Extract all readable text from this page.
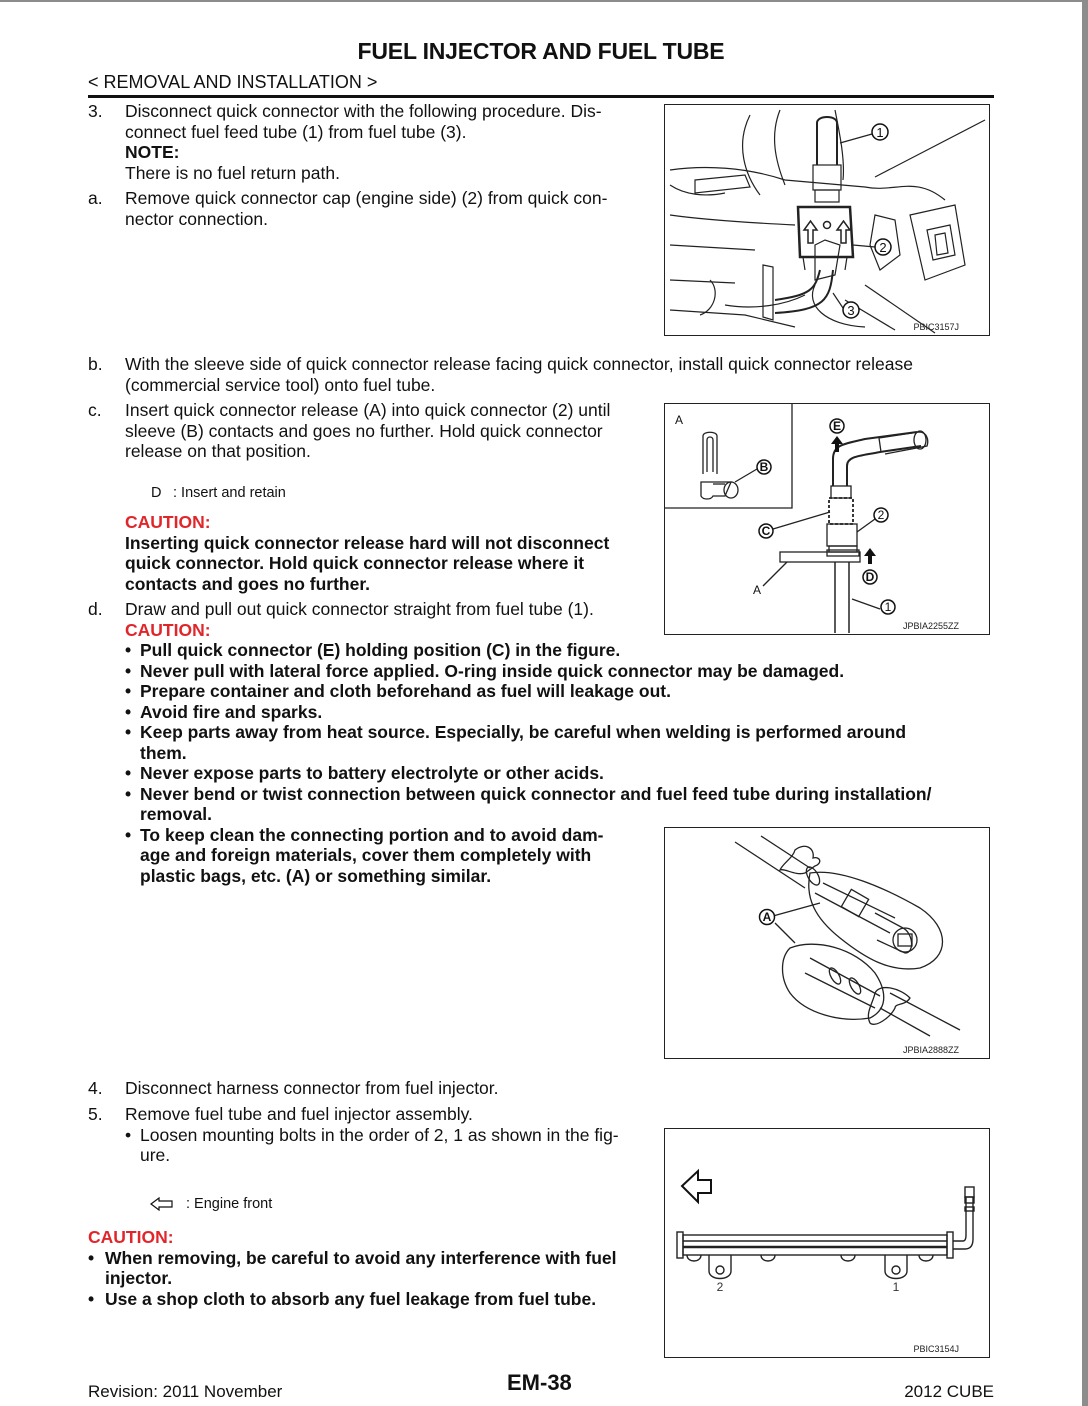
FUEL INJECTOR AND FUEL TUBE
< REMOVAL AND INSTALLATION >
3. Disconnect quick connector with the following procedure. Dis-
connect fuel feed tube (1) from fuel tube (3).
NOTE:
There is no fuel return path.
a. Remove quick connector cap (engine side) (2) from quick con-
nector connection.
1
2
3
PBIC3157J
b. With the sleeve side of quick connector release facing quick connector, install quick connector release
(commercial service tool) onto fuel tube.
c. Insert quick connector release (A) into quick connector (2) until
sleeve (B) contacts and goes no further. Hold quick connector
release on that position.
D : Insert and retain
CAUTION:
Inserting quick connector release hard will not disconnect
quick connector. Hold quick connector release where it
contacts and goes no further.
A
A
B
C
D
E
1
2
JPBIA2255ZZ
d. Draw and pull out quick connector straight from fuel tube (1).
CAUTION:
• Pull quick connector (E) holding position (C) in the figure.
• Never pull with lateral force applied. O-ring inside quick connector may be damaged.
• Prepare container and cloth beforehand as fuel will leakage out.
• Avoid fire and sparks.
• Keep parts away from heat source. Especially, be careful when welding is performed around
them.
• Never expose parts to battery electrolyte or other acids.
• Never bend or twist connection between quick connector and fuel feed tube during installation/
removal.
• To keep clean the connecting portion and to avoid dam-
age and foreign materials, cover them completely with
plastic bags, etc. (A) or something similar.
A
JPBIA2888ZZ
4. Disconnect harness connector from fuel injector.
5. Remove fuel tube and fuel injector assembly.
• Loosen mounting bolts in the order of 2, 1 as shown in the fig-
ure.
: Engine front
CAUTION:
• When removing, be careful to avoid any interference with fuel
injector.
• Use a shop cloth to absorb any fuel leakage from fuel tube.
2	1
PBIC3154J
Revision: 2011 November	EM-38	2012 CUBE
